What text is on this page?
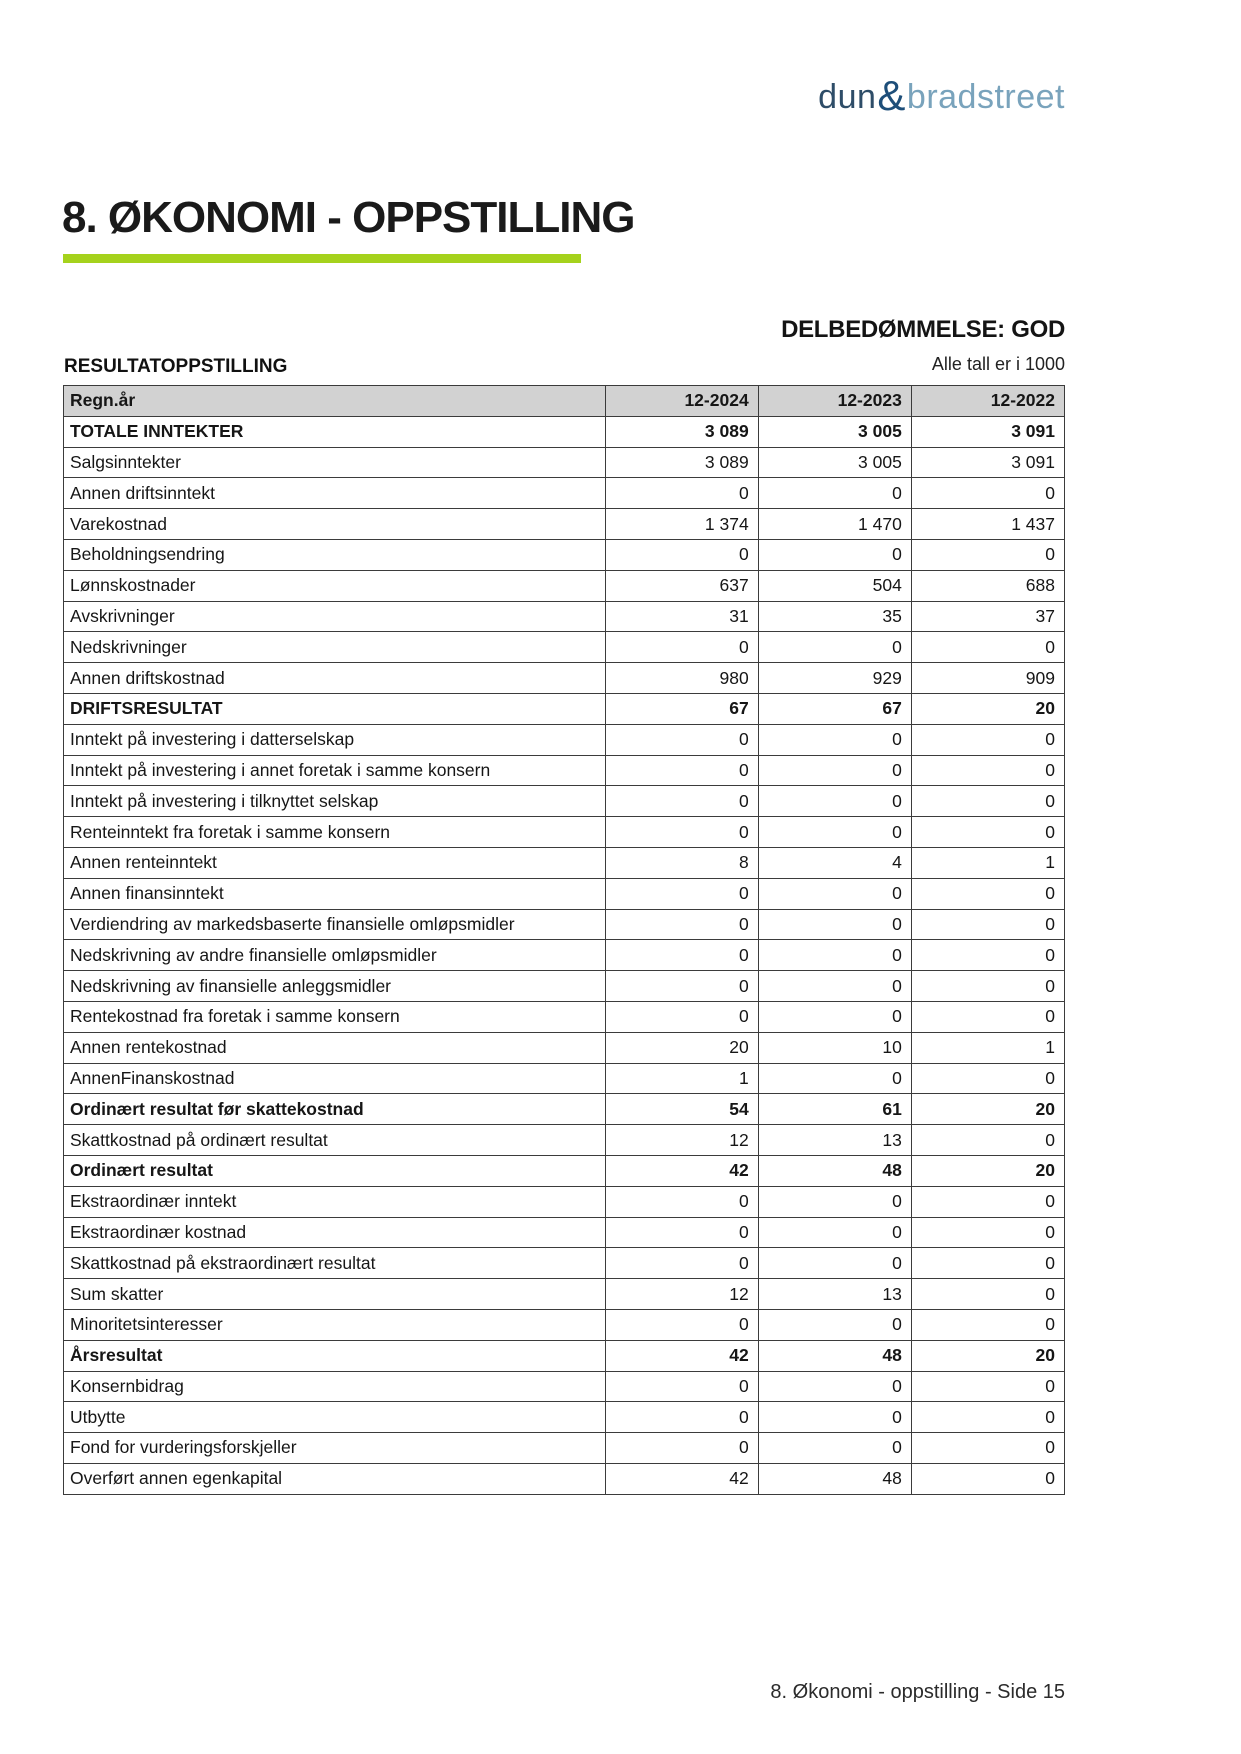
dun&bradstreet
8. ØKONOMI - OPPSTILLING
DELBEDØMMELSE: GOD
RESULTATOPPSTILLING	Alle tall er i 1000
Regn.år	12-2024	12-2023	12-2022
TOTALE INNTEKTER	3 089	3 005	3 091
Salgsinntekter	3 089	3 005	3 091
Annen driftsinntekt	0	0	0
Varekostnad	1 374	1 470	1 437
Beholdningsendring	0	0	0
Lønnskostnader	637	504	688
Avskrivninger	31	35	37
Nedskrivninger	0	0	0
Annen driftskostnad	980	929	909
DRIFTSRESULTAT	67	67	20
Inntekt på investering i datterselskap	0	0	0
Inntekt på investering i annet foretak i samme konsern	0	0	0
Inntekt på investering i tilknyttet selskap	0	0	0
Renteinntekt fra foretak i samme konsern	0	0	0
Annen renteinntekt	8	4	1
Annen finansinntekt	0	0	0
Verdiendring av markedsbaserte finansielle omløpsmidler	0	0	0
Nedskrivning av andre finansielle omløpsmidler	0	0	0
Nedskrivning av finansielle anleggsmidler	0	0	0
Rentekostnad fra foretak i samme konsern	0	0	0
Annen rentekostnad	20	10	1
AnnenFinanskostnad	1	0	0
Ordinært resultat før skattekostnad	54	61	20
Skattkostnad på ordinært resultat	12	13	0
Ordinært resultat	42	48	20
Ekstraordinær inntekt	0	0	0
Ekstraordinær kostnad	0	0	0
Skattkostnad på ekstraordinært resultat	0	0	0
Sum skatter	12	13	0
Minoritetsinteresser	0	0	0
Årsresultat	42	48	20
Konsernbidrag	0	0	0
Utbytte	0	0	0
Fond for vurderingsforskjeller	0	0	0
Overført annen egenkapital	42	48	0
8. Økonomi - oppstilling - Side 15
